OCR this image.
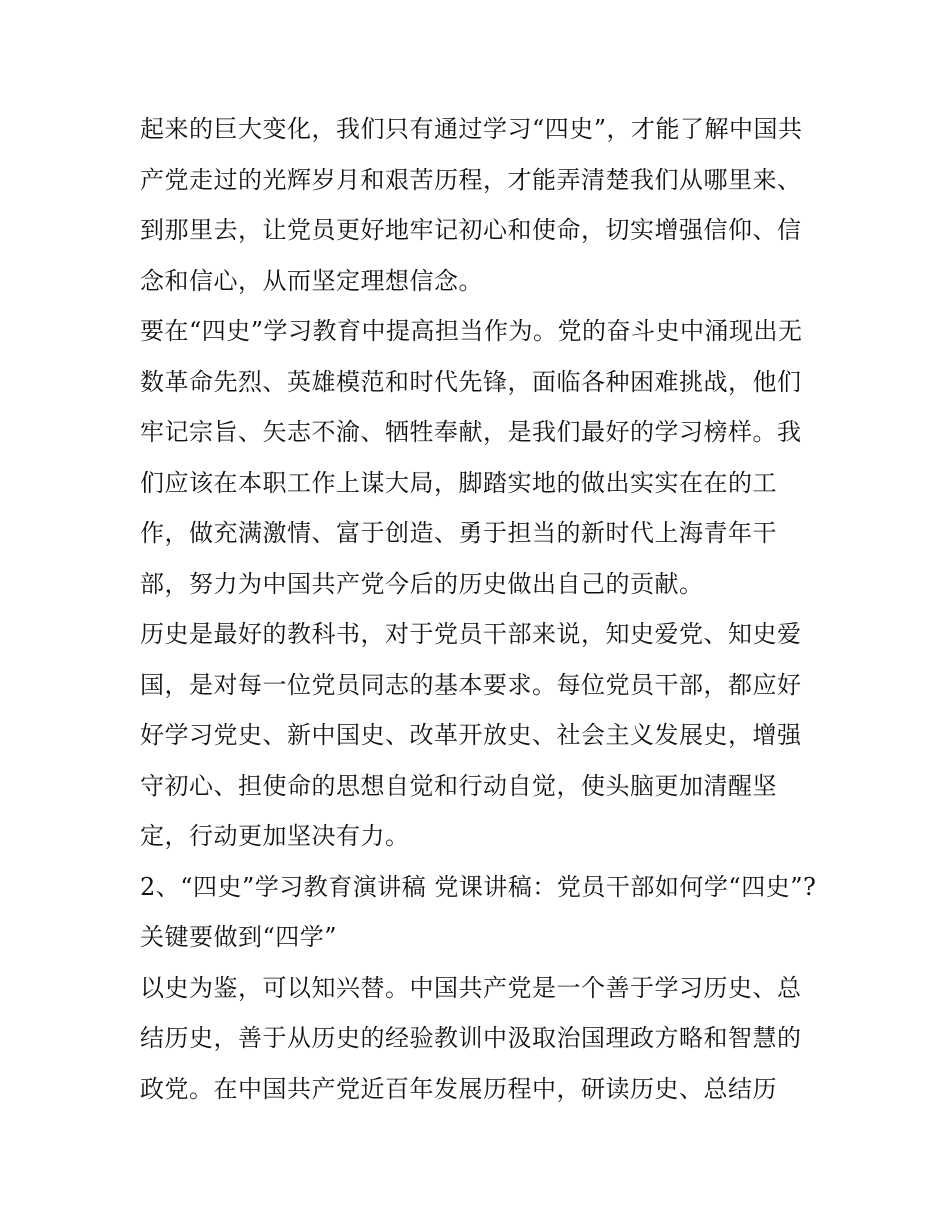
起来的巨大变化，我们只有通过学习“四史”，才能了解中国共
产党走过的光辉岁月和艰苦历程，才能弄清楚我们从哪里来、
到那里去，让党员更好地牢记初心和使命，切实增强信仰、信
念和信心，从而坚定理想信念。
要在“四史”学习教育中提高担当作为。党的奋斗史中涌现出无
数革命先烈、英雄模范和时代先锋，面临各种困难挑战，他们
牢记宗旨、矢志不渝、牺牲奉献，是我们最好的学习榜样。我
们应该在本职工作上谋大局，脚踏实地的做出实实在在的工
作，做充满激情、富于创造、勇于担当的新时代上海青年干
部，努力为中国共产党今后的历史做出自己的贡献。
历史是最好的教科书，对于党员干部来说，知史爱党、知史爱
国，是对每一位党员同志的基本要求。每位党员干部，都应好
好学习党史、新中国史、改革开放史、社会主义发展史，增强
守初心、担使命的思想自觉和行动自觉，使头脑更加清醒坚
定，行动更加坚决有力。
2、“四史”学习教育演讲稿 党课讲稿：党员干部如何学“四史”?
关键要做到“四学”
以史为鉴，可以知兴替。中国共产党是一个善于学习历史、总
结历史，善于从历史的经验教训中汲取治国理政方略和智慧的
政党。在中国共产党近百年发展历程中，研读历史、总结历
